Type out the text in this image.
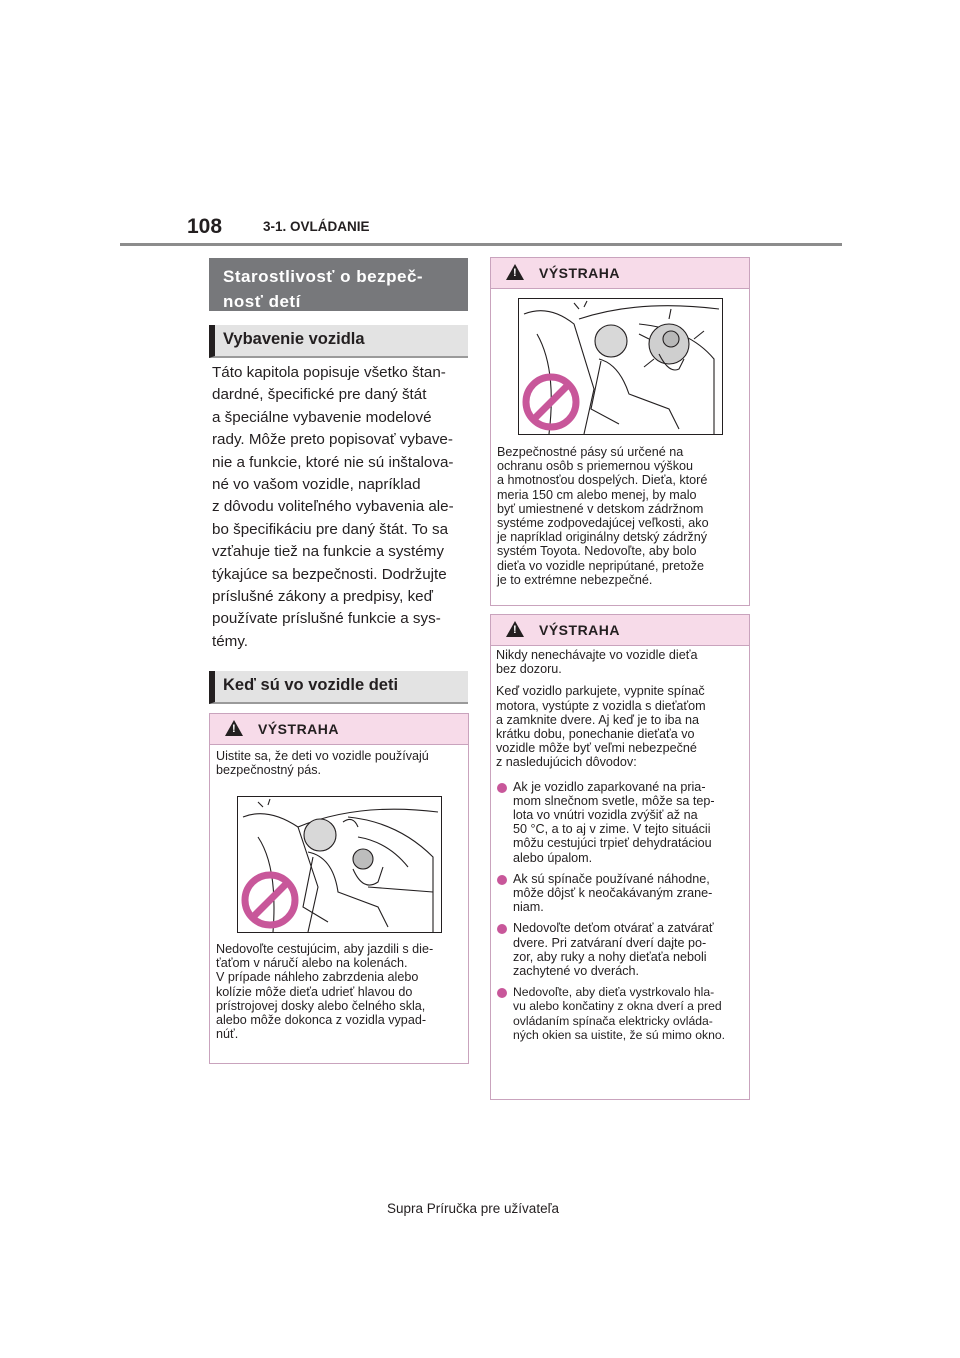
108	3-1. OVLÁDANIE
Starostlivosť o bezpeč-nosť detí
Vybavenie vozidla

Táto kapitola popisuje všetko štan-

dardné, špecifické pre daný štát

a špeciálne vybavenie modelové

rady. Môže preto popisovať vybave-

nie a funkcie, ktoré nie sú inštalova-

né vo vašom vozidle, napríklad

z dôvodu voliteľného vybavenia ale-

bo špecifikáciu pre daný štát. To sa

vzťahuje tiež na funkcie a systémy

týkajúce sa bezpečnosti. Dodržujte

príslušné zákony a predpisy, keď

používate príslušné funkcie a sys-

témy.

Keď sú vo vozidle deti
!
VÝSTRAHA

Uistite sa, že deti vo vozidle používajú

bezpečnostný pás.

Nedovoľte cestujúcim, aby jazdili s die-

ťaťom v náručí alebo na kolenách.

V prípade náhleho zabrzdenia alebo

kolízie môže dieťa udrieť hlavou do

prístrojovej dosky alebo čelného skla,

alebo môže dokonca z vozidla vypad-

núť.

!
VÝSTRAHA

Bezpečnostné pásy sú určené na

ochranu osôb s priemernou výškou

a hmotnosťou dospelých. Dieťa, ktoré

meria 150 cm alebo menej, by malo

byť umiestnené v detskom zádržnom

systéme zodpovedajúcej veľkosti, ako

je napríklad originálny detský zádržný

systém Toyota. Nedovoľte, aby bolo

dieťa vo vozidle nepripútané, pretože

je to extrémne nebezpečné.

!
VÝSTRAHA

Nikdy nenechávajte vo vozidle dieťa

bez dozoru.

Keď vozidlo parkujete, vypnite spínač

motora, vystúpte z vozidla s dieťaťom

a zamknite dvere. Aj keď je to iba na

krátku dobu, ponechanie dieťaťa vo

vozidle môže byť veľmi nebezpečné

z nasledujúcich dôvodov:

Ak je vozidlo zaparkované na pria-

mom slnečnom svetle, môže sa tep-

lota vo vnútri vozidla zvýšiť až na

50 °C, a to aj v zime. V tejto situácii

môžu cestujúci trpieť dehydratáciou

alebo úpalom.

Ak sú spínače používané náhodne,

môže dôjsť k neočakávaným zrane-

niam.

Nedovoľte deťom otvárať a zatvárať

dvere. Pri zatváraní dverí dajte po-

zor, aby ruky a nohy dieťaťa neboli

zachytené vo dverách.

Nedovoľte, aby dieťa vystrkovalo hla-

vu alebo končatiny z okna dverí a pred

ovládaním spínača elektricky ovláda-

ných okien sa uistite, že sú mimo okno.

Supra Príručka pre užívateľa
